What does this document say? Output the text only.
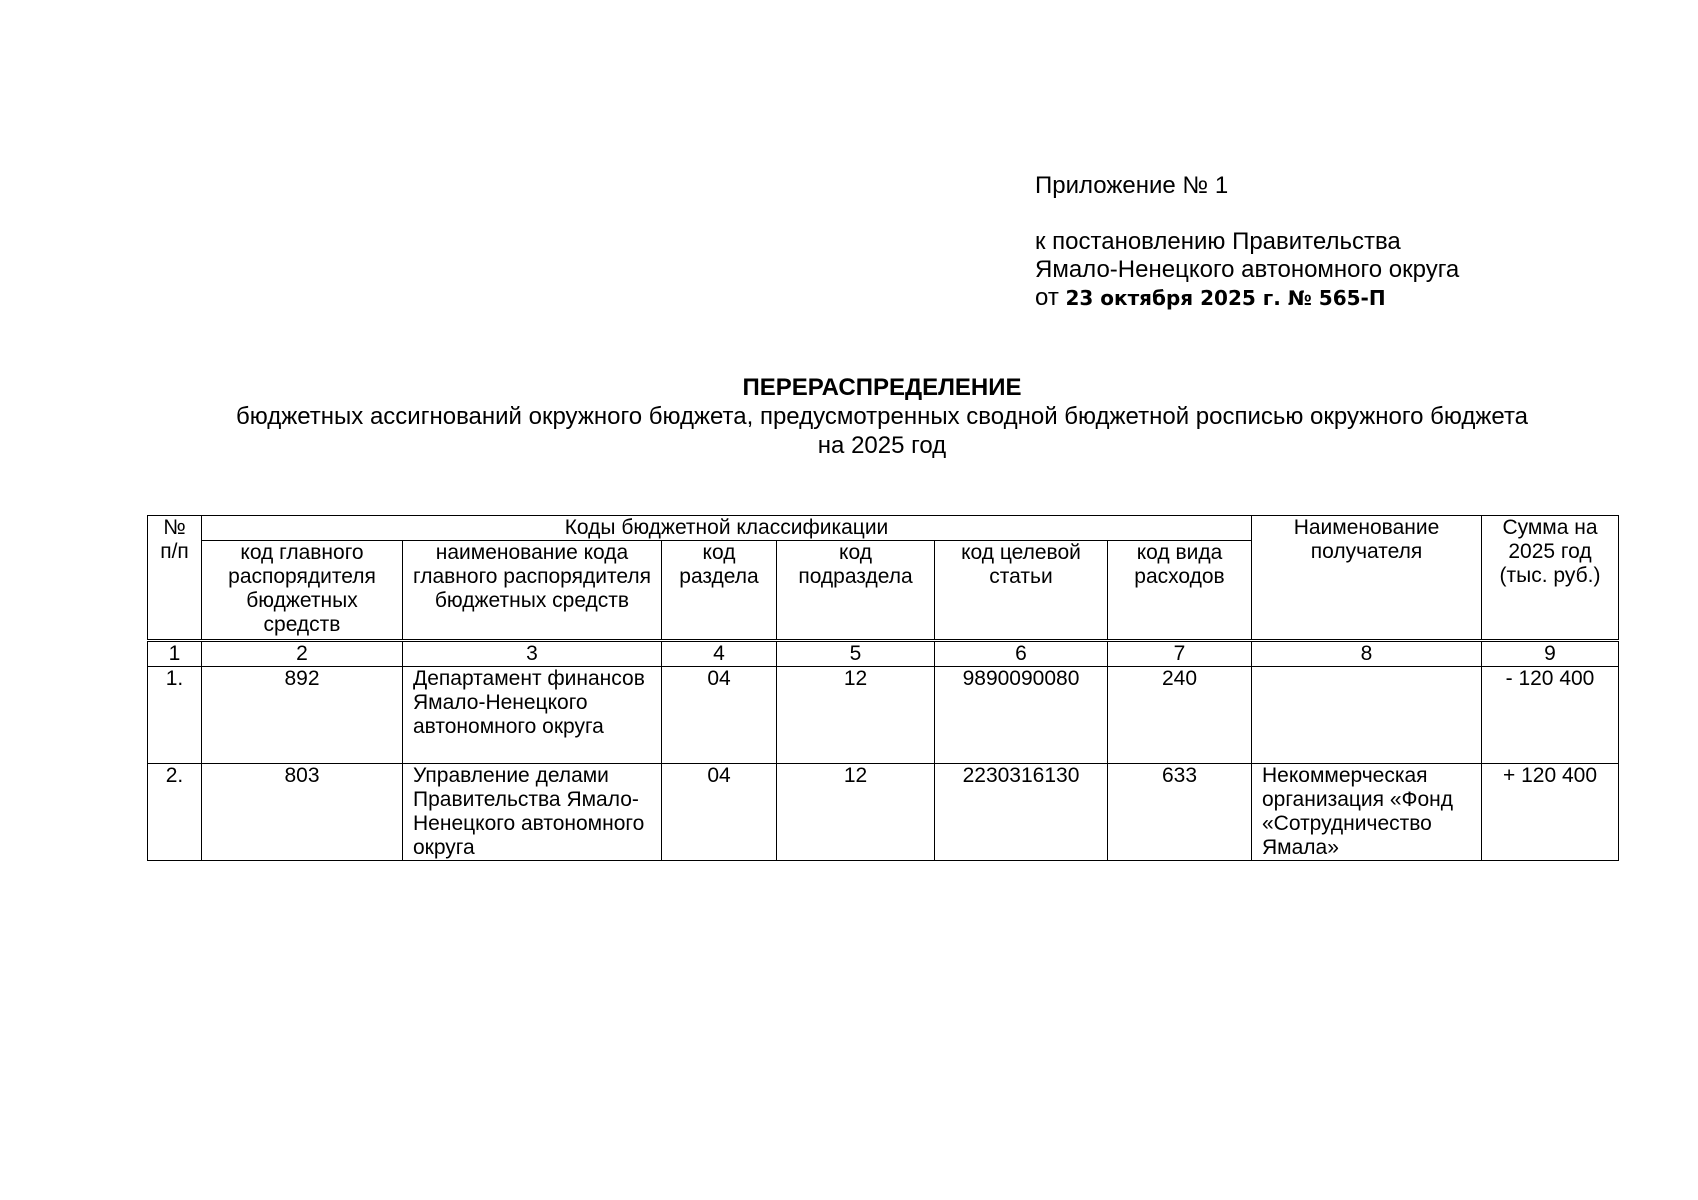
Приложение № 1
к постановлению Правительства
Ямало-Ненецкого автономного округа
от 23 октября 2025 г. № 565-П
ПЕРЕРАСПРЕДЕЛЕНИЕ
бюджетных ассигнований окружного бюджета, предусмотренных сводной бюджетной росписью окружного бюджета
на 2025 год
№ п/п	Коды бюджетной классификации						Наименование получателя	Сумма на 2025 год (тыс. руб.)
	код главного распорядителя бюджетных средств	наименование кода главного распорядителя бюджетных средств	код раздела	код подраздела	код целевой статьи	код вида расходов		
1	2	3	4	5	6	7	8	9
1.	892	Департамент финансов Ямало-Ненецкого автономного округа	04	12	9890090080	240		- 120 400
2.	803	Управление делами Правительства Ямало-Ненецкого автономного округа	04	12	2230316130	633	Некоммерческая организация «Фонд «Сотрудничество Ямала»	+ 120 400
